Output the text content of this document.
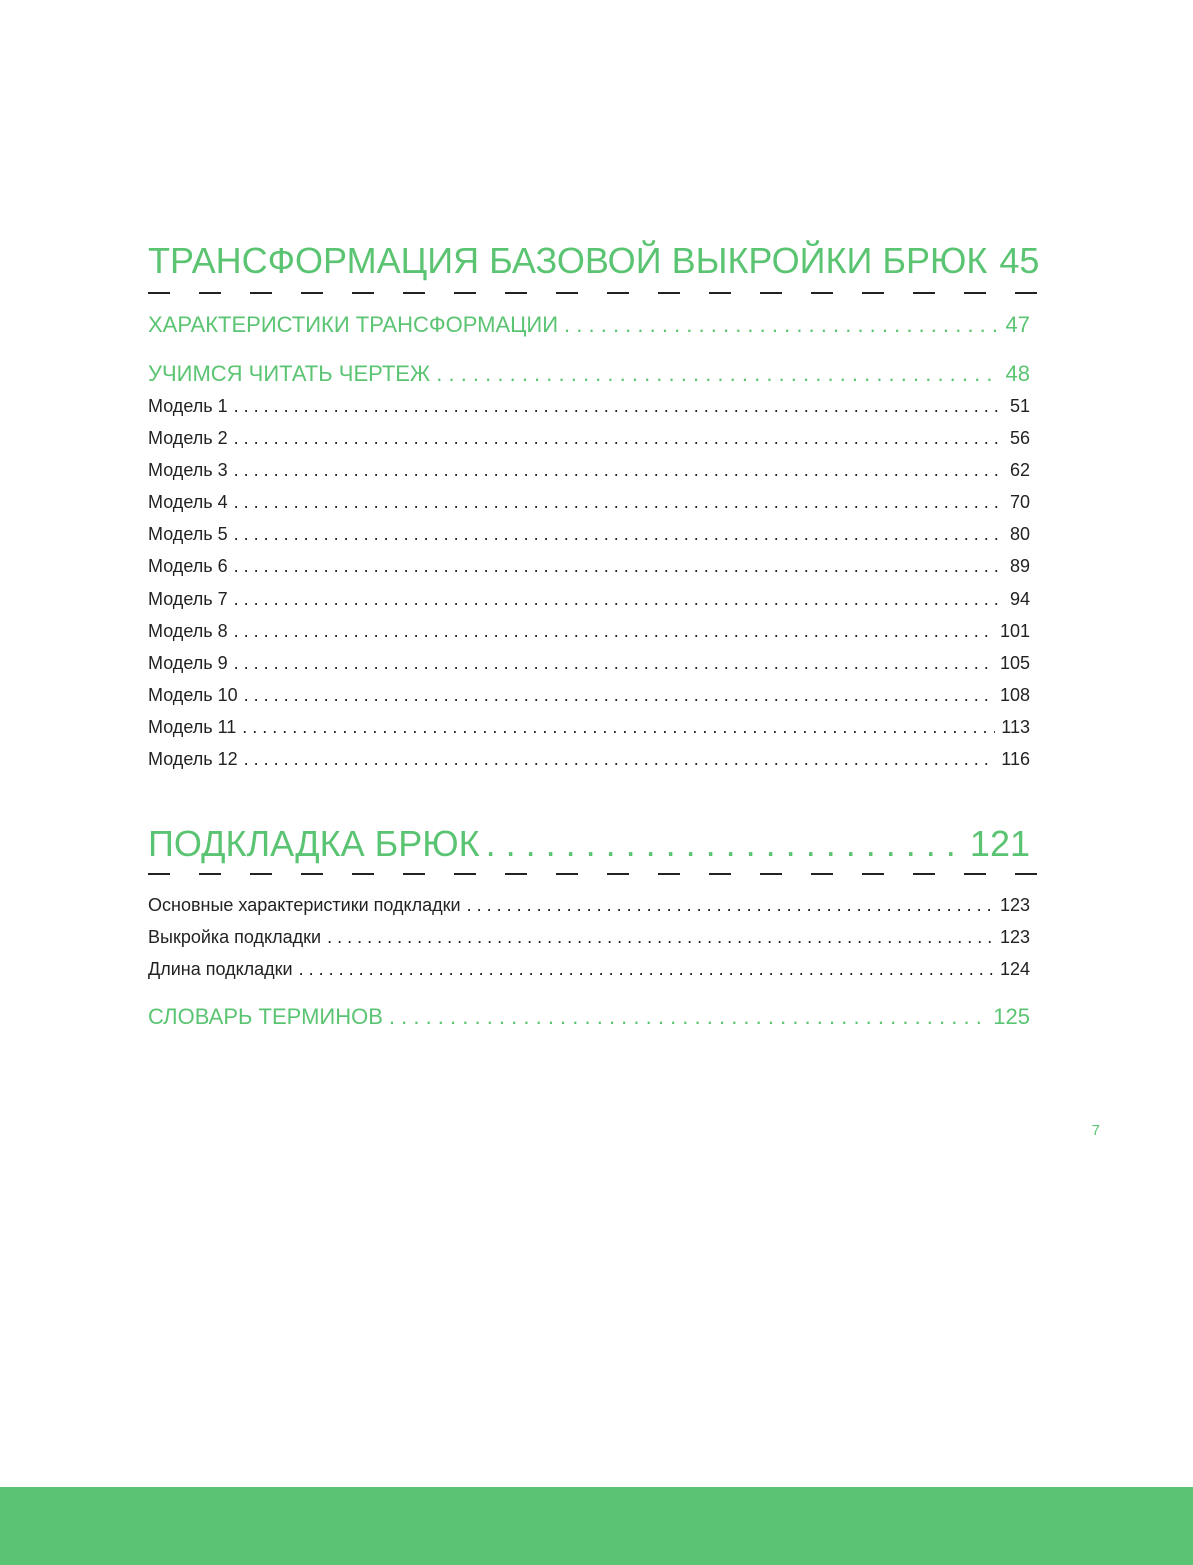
ТРАНСФОРМАЦИЯ БАЗОВОЙ ВЫКРОЙКИ БРЮК 45
ХАРАКТЕРИСТИКИ ТРАНСФОРМАЦИИ . . .	47
УЧИМСЯ ЧИТАТЬ ЧЕРТЕЖ . . .	48
Модель 1 . . .	51
Модель 2 . . .	56
Модель 3 . . .	62
Модель 4 . . .	70
Модель 5 . . .	80
Модель 6 . . .	89
Модель 7 . . .	94
Модель 8 . . .	101
Модель 9 . . .	105
Модель 10 . . .	108
Модель 11 . . .	113
Модель 12 . . .	116
ПОДКЛАДКА БРЮК . . .	121
Основные характеристики подкладки . . .	123
Выкройка подкладки . . .	123
Длина подкладки . . .	124
СЛОВАРЬ ТЕРМИНОВ . . .	125
7
